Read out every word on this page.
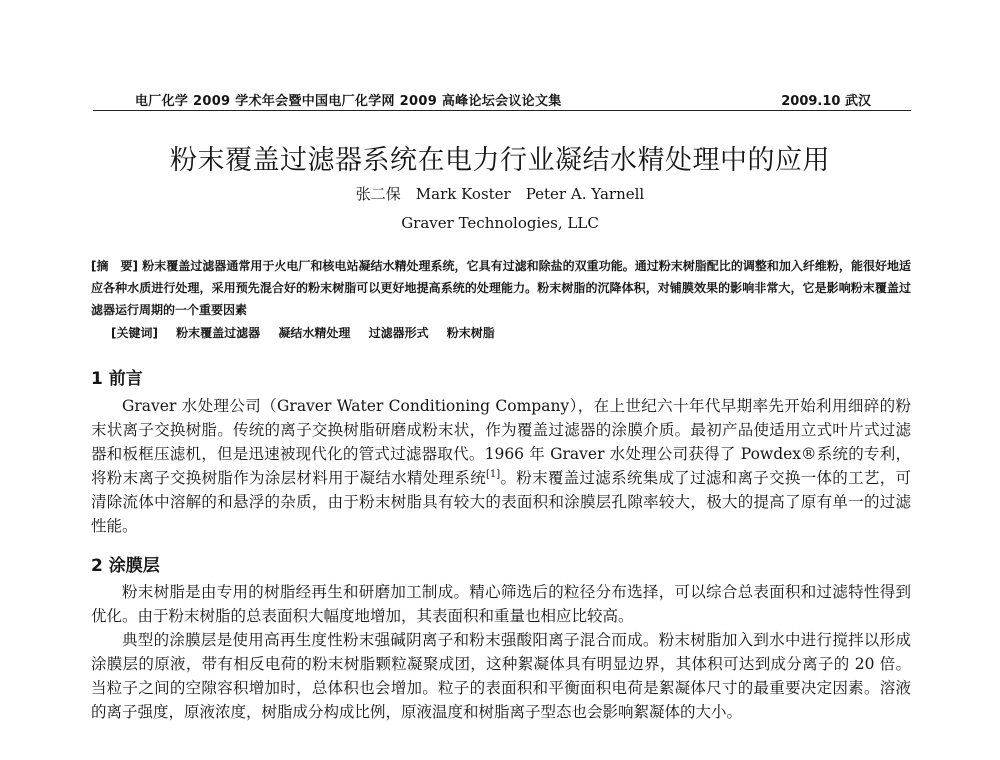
电厂化学 2009 学术年会暨中国电厂化学网 2009 高峰论坛会议论文集	2009.10 武汉
粉末覆盖过滤器系统在电力行业凝结水精处理中的应用
张二保　Mark Koster　Peter A. Yarnell
Graver Technologies, LLC
[摘　要] 粉末覆盖过滤器通常用于火电厂和核电站凝结水精处理系统，它具有过滤和除盐的双重功能。通过粉末树脂配比的调整和加入纤维粉，能很好地适应各种水质进行处理，采用预先混合好的粉末树脂可以更好地提高系统的处理能力。粉末树脂的沉降体积，对铺膜效果的影响非常大，它是影响粉末覆盖过滤器运行周期的一个重要因素
[关键词] 粉末覆盖过滤器 凝结水精处理 过滤器形式 粉末树脂
1 前言
Graver 水处理公司（Graver Water Conditioning Company），在上世纪六十年代早期率先开始利用细碎的粉末状离子交换树脂。传统的离子交换树脂研磨成粉末状，作为覆盖过滤器的涂膜介质。最初产品使适用立式叶片式过滤器和板框压滤机，但是迅速被现代化的管式过滤器取代。1966 年 Graver 水处理公司获得了 Powdex®系统的专利，将粉末离子交换树脂作为涂层材料用于凝结水精处理系统[1]。粉末覆盖过滤系统集成了过滤和离子交换一体的工艺，可清除流体中溶解的和悬浮的杂质，由于粉末树脂具有较大的表面积和涂膜层孔隙率较大，极大的提高了原有单一的过滤性能。
2 涂膜层
粉末树脂是由专用的树脂经再生和研磨加工制成。精心筛选后的粒径分布选择，可以综合总表面积和过滤特性得到优化。由于粉末树脂的总表面积大幅度地增加，其表面积和重量也相应比较高。
典型的涂膜层是使用高再生度性粉末强碱阴离子和粉末强酸阳离子混合而成。粉末树脂加入到水中进行搅拌以形成涂膜层的原液，带有相反电荷的粉末树脂颗粒凝聚成团，这种絮凝体具有明显边界，其体积可达到成分离子的 20 倍。当粒子之间的空隙容积增加时，总体积也会增加。粒子的表面积和平衡面积电荷是絮凝体尺寸的最重要决定因素。溶液的离子强度，原液浓度，树脂成分构成比例，原液温度和树脂离子型态也会影响絮凝体的大小。
